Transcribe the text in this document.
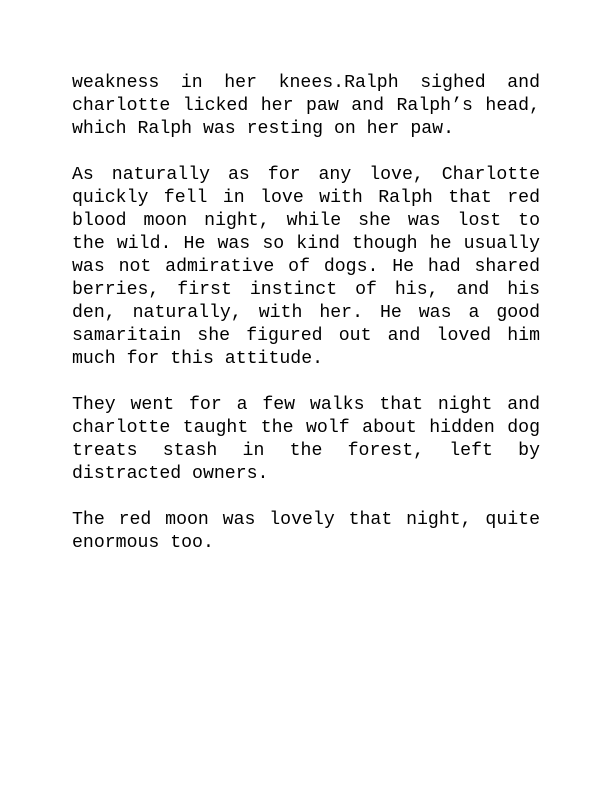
weakness in her knees.Ralph sighed and charlotte licked her paw and Ralph’s head, which Ralph was resting on her paw.

As naturally as for any love, Charlotte quickly fell in love with Ralph that red blood moon night, while she was lost to the wild. He was so kind though he usually was not admirative of dogs. He had shared berries, first instinct of his, and his den, naturally, with her. He was a good samaritain she figured out and loved him much for this attitude.

They went for a few walks that night and charlotte taught the wolf about hidden dog treats stash in the forest, left by distracted owners.

The red moon was lovely that night, quite enormous too.
